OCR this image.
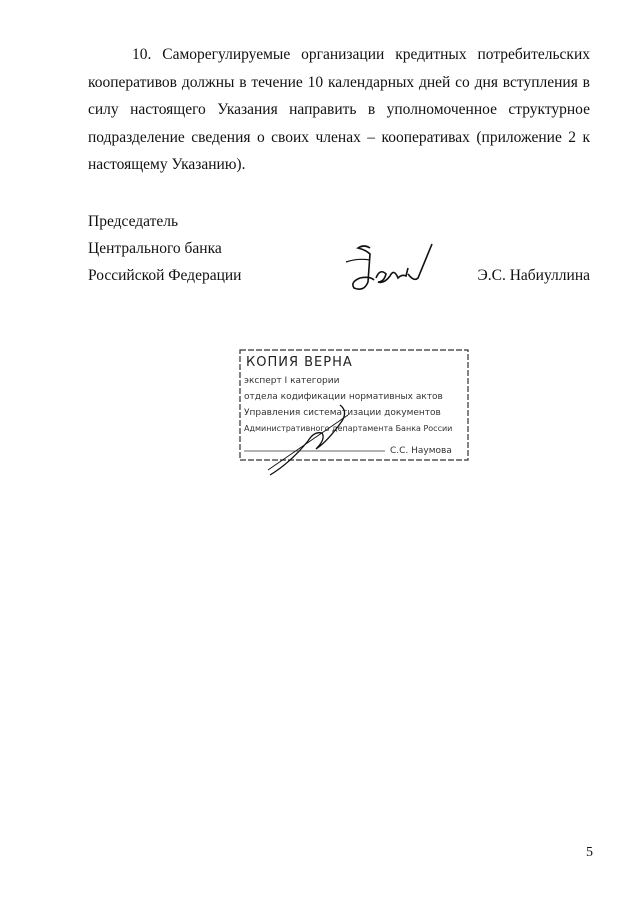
10. Саморегулируемые организации кредитных потребительских кооперативов должны в течение 10 календарных дней со дня вступления в силу настоящего Указания направить в уполномоченное структурное подразделение сведения о своих членах – кооперативах (приложение 2 к настоящему Указанию).

Председатель

Центрального банка

Российской Федерации	Э.С. Набиуллина

КОПИЯ ВЕРНА
эксперт I категории
отдела кодификации нормативных актов
Управления систематизации документов
Административного департамента Банка России
С.С. Наумова

5
